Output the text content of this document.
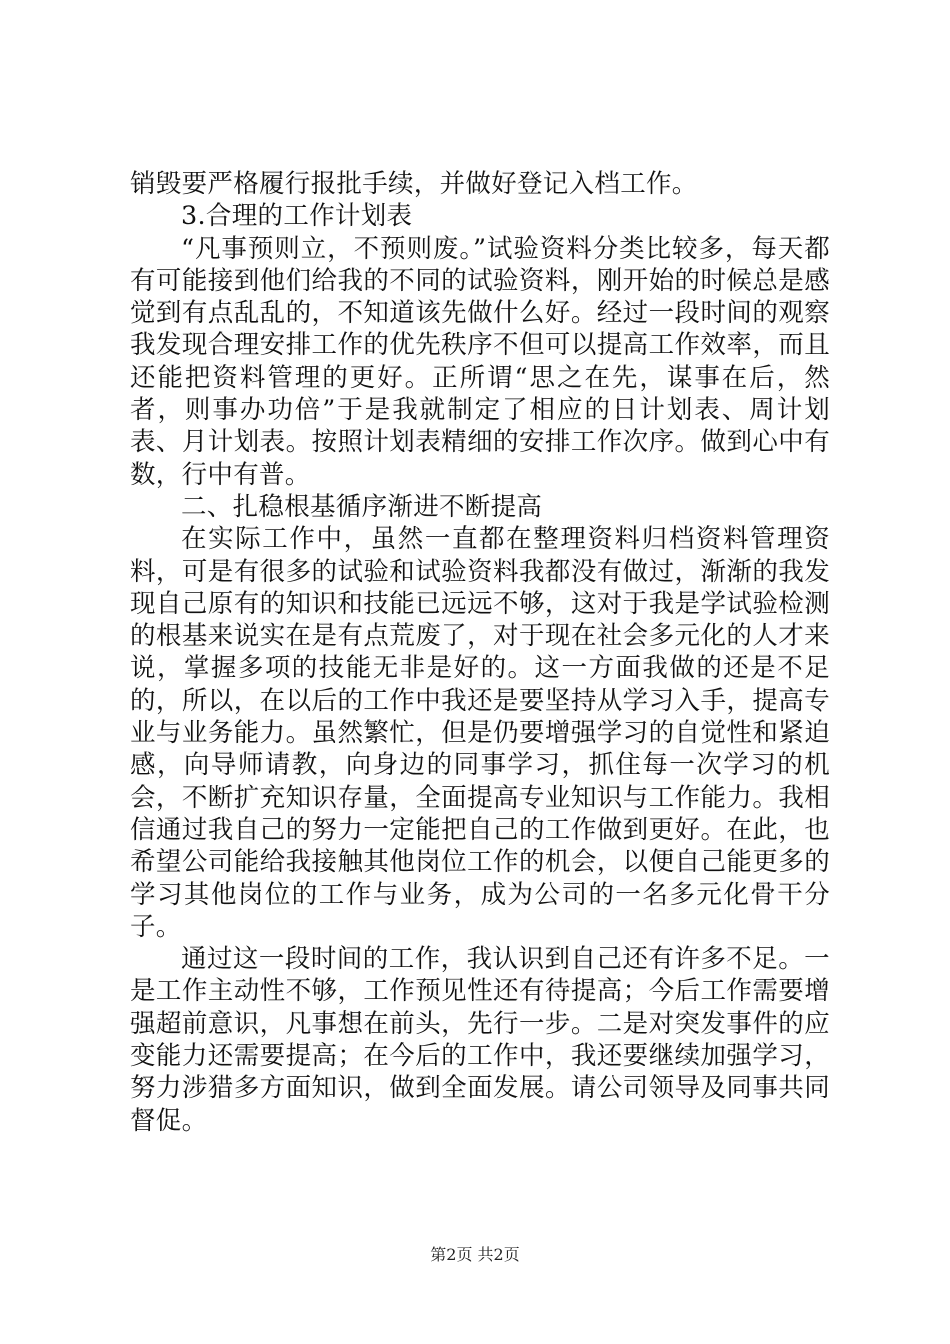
销毁要严格履行报批手续，并做好登记入档工作。

3.合理的工作计划表

“凡事预则立，不预则废。”试验资料分类比较多，每天都有可能接到他们给我的不同的试验资料，刚开始的时候总是感觉到有点乱乱的，不知道该先做什么好。经过一段时间的观察我发现合理安排工作的优先秩序不但可以提高工作效率，而且还能把资料管理的更好。正所谓“思之在先，谋事在后，然者，则事办功倍”于是我就制定了相应的日计划表、周计划表、月计划表。按照计划表精细的安排工作次序。做到心中有数，行中有普。

二、扎稳根基循序渐进不断提高

在实际工作中，虽然一直都在整理资料归档资料管理资料，可是有很多的试验和试验资料我都没有做过，渐渐的我发现自己原有的知识和技能已远远不够，这对于我是学试验检测的根基来说实在是有点荒废了，对于现在社会多元化的人才来说，掌握多项的技能无非是好的。这一方面我做的还是不足的，所以，在以后的工作中我还是要坚持从学习入手，提高专业与业务能力。虽然繁忙，但是仍要增强学习的自觉性和紧迫感，向导师请教，向身边的同事学习，抓住每一次学习的机会，不断扩充知识存量，全面提高专业知识与工作能力。我相信通过我自己的努力一定能把自己的工作做到更好。在此，也希望公司能给我接触其他岗位工作的机会，以便自己能更多的学习其他岗位的工作与业务，成为公司的一名多元化骨干分子。

通过这一段时间的工作，我认识到自己还有许多不足。一是工作主动性不够，工作预见性还有待提高；今后工作需要增强超前意识，凡事想在前头，先行一步。二是对突发事件的应变能力还需要提高；在今后的工作中，我还要继续加强学习，努力涉猎多方面知识，做到全面发展。请公司领导及同事共同督促。

第2页 共2页
